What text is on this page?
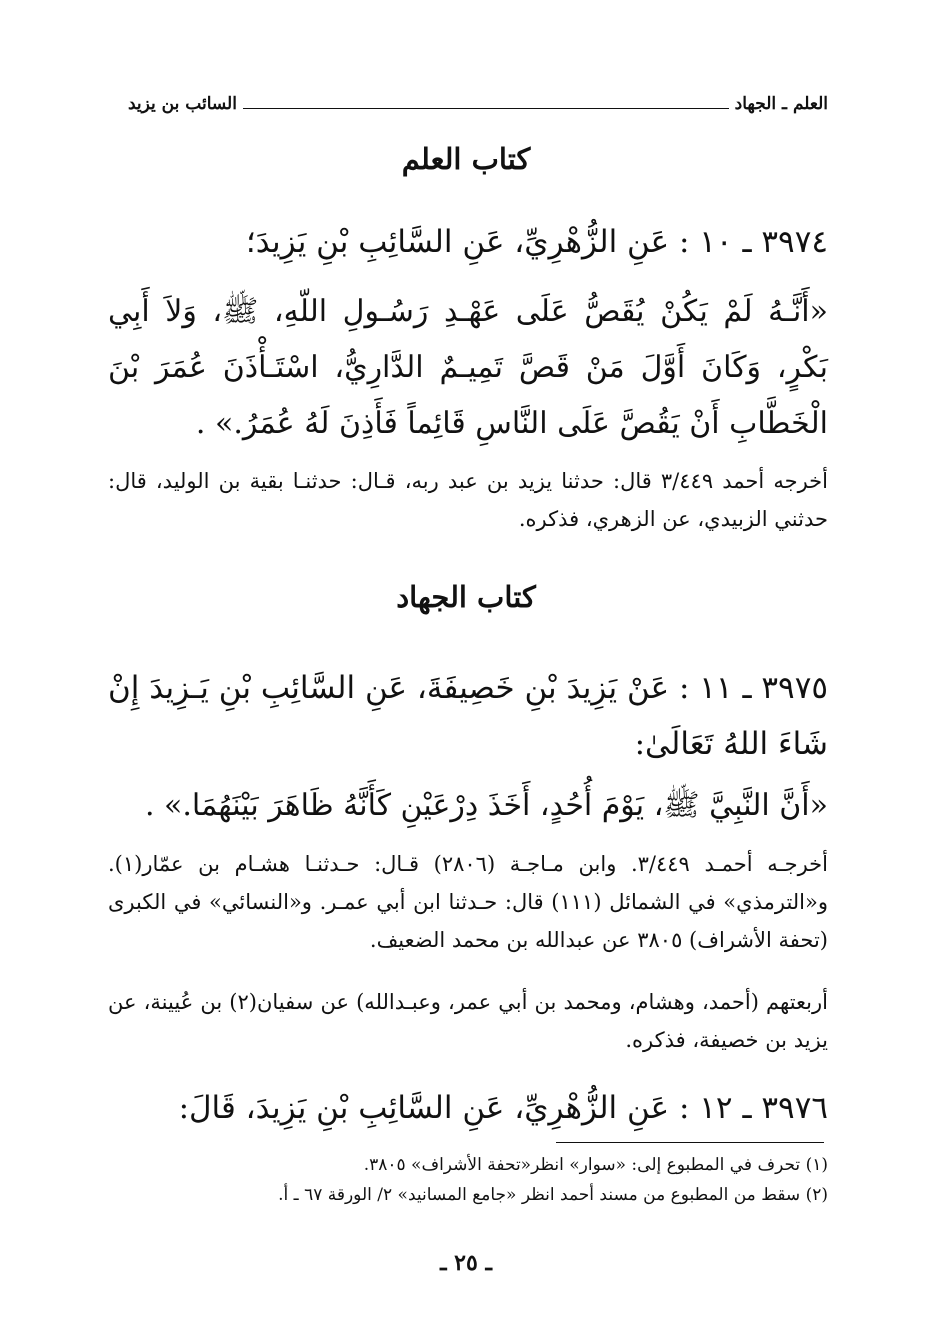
العلم ـ الجهاد
السائب بن يزيد
كتاب العلم
٣٩٧٤ ـ ١٠ : عَنِ الزُّهْرِيِّ، عَنِ السَّائِبِ بْنِ يَزِيدَ؛
«أَنَّـهُ لَمْ يَكُنْ يُقَصُّ عَلَى عَهْـدِ رَسُـولِ اللّهِ، ﷺ، وَلاَ أَبِي بَكْرٍ، وَكَانَ أَوَّلَ مَنْ قَصَّ تَمِيـمٌ الدَّارِيُّ، اسْتَـأْذَنَ عُمَرَ بْنَ الْخَطَّابِ أَنْ يَقُصَّ عَلَى النَّاسِ قَائِماً فَأَذِنَ لَهُ عُمَرُ.» .
أخرجه أحمد ٣/٤٤٩ قال: حدثنا يزيد بن عبد ربه، قـال: حدثنـا بقية بن الوليد، قال: حدثني الزبيدي، عن الزهري، فذكره.
كتاب الجهاد
٣٩٧٥ ـ ١١ : عَنْ يَزِيدَ بْنِ خَصِيفَةَ، عَنِ السَّائِبِ بْنِ يَـزِيدَ إِنْ شَاءَ اللهُ تَعَالَىٰ:
«أَنَّ النَّبِيَّ ﷺ، يَوْمَ أُحُدٍ، أَخَذَ دِرْعَيْنِ كَأَنَّهُ ظَاهَرَ بَيْنَهُمَا.» .
أخرجـه أحمـد ٣/٤٤٩. وابن مـاجـة (٢٨٠٦) قـال: حـدثنـا هشـام بن عمّار(١). و«الترمذي» في الشمائل (١١١) قال: حـدثنا ابن أبي عمـر. و«النسائي» في الكبرى (تحفة الأشراف) ٣٨٠٥ عن عبدالله بن محمد الضعيف.
أربعتهم (أحمد، وهشام، ومحمد بن أبي عمر، وعبـدالله) عن سفيان(٢) بن عُيينة، عن يزيد بن خصيفة، فذكره.
٣٩٧٦ ـ ١٢ : عَنِ الزُّهْرِيِّ، عَنِ السَّائِبِ بْنِ يَزِيدَ، قَالَ:
(١) تحرف في المطبوع إلى: «سوار» انظر«تحفة الأشراف» ٣٨٠٥.
(٢) سقط من المطبوع من مسند أحمد انظر «جامع المسانيد» ٢/ الورقة ٦٧ ـ أ.
ـ ٢٥ ـ
